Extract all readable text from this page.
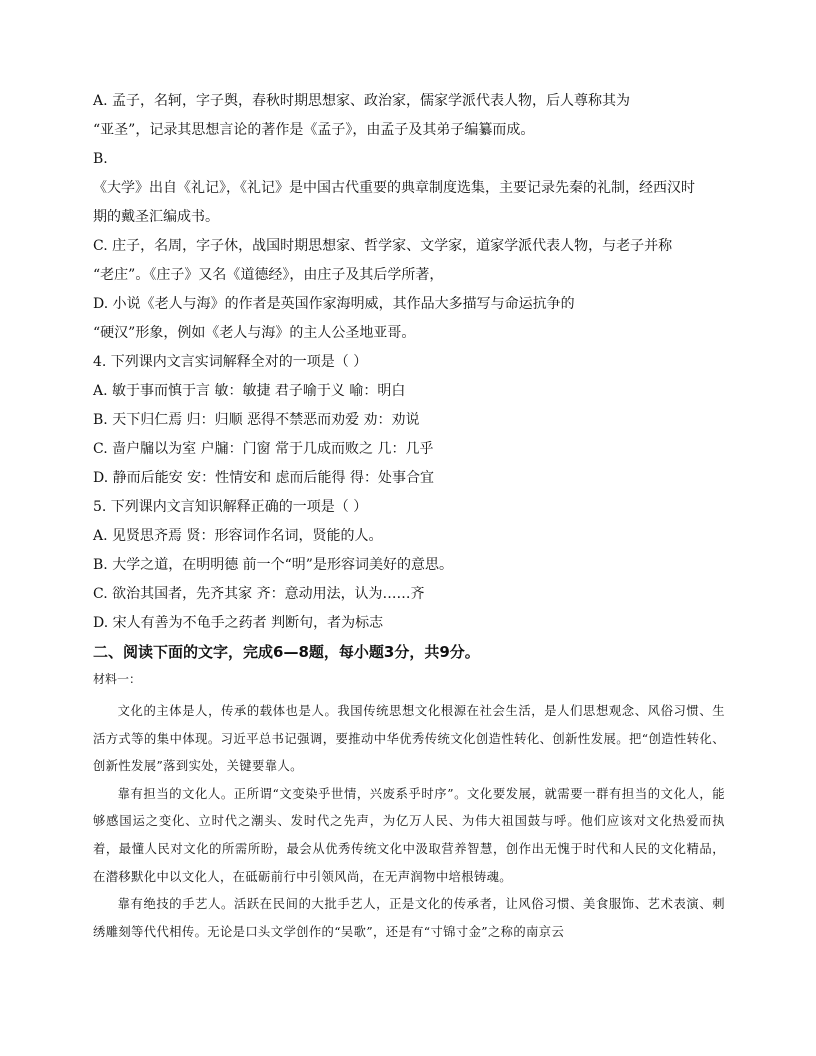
A. 孟子，名轲，字子舆，春秋时期思想家、政治家，儒家学派代表人物，后人尊称其为
“亚圣”，记录其思想言论的著作是《孟子》，由孟子及其弟子编纂而成。
B.
《大学》出自《礼记》，《礼记》是中国古代重要的典章制度选集，主要记录先秦的礼制，经西汉时
期的戴圣汇编成书。
C. 庄子，名周，字子休，战国时期思想家、哲学家、文学家，道家学派代表人物，与老子并称
“老庄”。《庄子》又名《道德经》，由庄子及其后学所著，
D. 小说《老人与海》的作者是英国作家海明威，其作品大多描写与命运抗争的
“硬汉”形象，例如《老人与海》的主人公圣地亚哥。
4. 下列课内文言实词解释全对的一项是（ ）
A. 敏于事而慎于言 敏：敏捷 君子喻于义 喻：明白
B. 天下归仁焉 归：归顺 恶得不禁恶而劝爱 劝：劝说
C. 啬户牖以为室 户牖：门窗 常于几成而败之 几：几乎
D. 静而后能安 安：性情安和 虑而后能得 得：处事合宜
5. 下列课内文言知识解释正确的一项是（ ）
A. 见贤思齐焉 贤：形容词作名词，贤能的人。
B. 大学之道，在明明德 前一个“明”是形容词美好的意思。
C. 欲治其国者，先齐其家 齐：意动用法，认为……齐
D. 宋人有善为不龟手之药者 判断句，者为标志
二、阅读下面的文字，完成6—8题，每小题3分，共9分。
材料一：

文化的主体是人，传承的载体也是人。我国传统思想文化根源在社会生活，是人们思想观念、风俗习惯、生活方式等的集中体现。习近平总书记强调，要推动中华优秀传统文化创造性转化、创新性发展。把“创造性转化、创新性发展”落到实处，关键要靠人。

靠有担当的文化人。正所谓“文变染乎世情，兴废系乎时序”。文化要发展，就需要一群有担当的文化人，能够感国运之变化、立时代之潮头、发时代之先声，为亿万人民、为伟大祖国鼓与呼。他们应该对文化热爱而执着，最懂人民对文化的所需所盼，最会从优秀传统文化中汲取营养智慧，创作出无愧于时代和人民的文化精品，在潜移默化中以文化人，在砥砺前行中引领风尚，在无声润物中培根铸魂。

靠有绝技的手艺人。活跃在民间的大批手艺人，正是文化的传承者，让风俗习惯、美食服饰、艺术表演、刺绣雕刻等代代相传。无论是口头文学创作的“吴歌”，还是有“寸锦寸金”之称的南京云
